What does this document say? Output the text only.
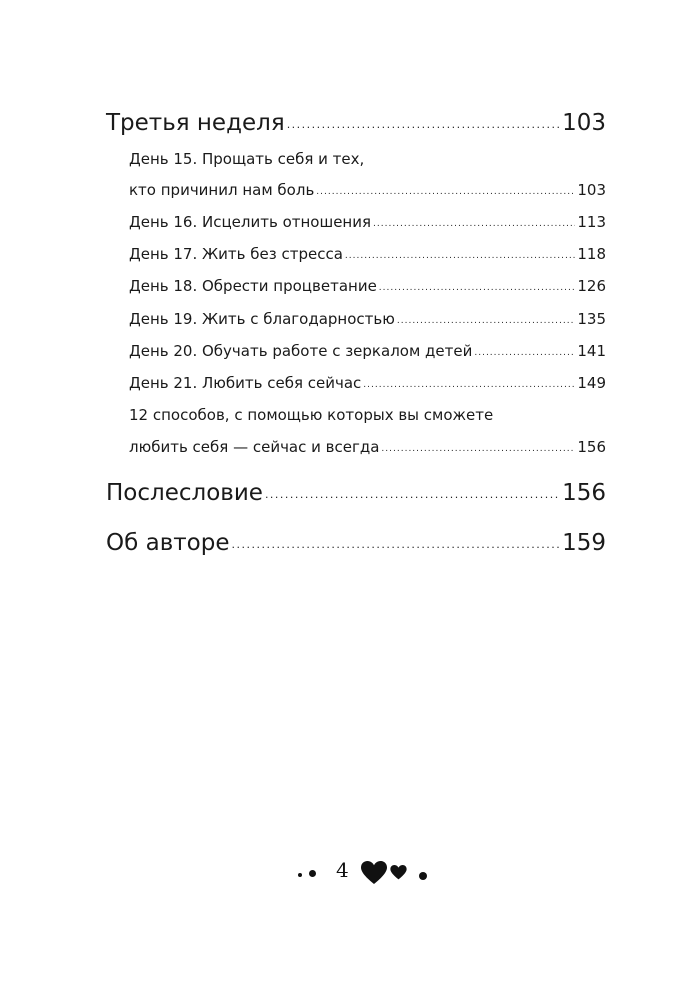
Третья неделя .....	103
День 15. Прощать себя и тех,
кто причинил нам боль .....	103
День 16. Исцелить отношения .....	113
День 17. Жить без стресса .....	118
День 18. Обрести процветание .....	126
День 19. Жить с благодарностью .....	135
День 20. Обучать работе с зеркалом детей .....	141
День 21. Любить себя сейчас .....	149
12 способов, с помощью которых вы сможете
любить себя — сейчас и всегда .....	156
Послесловие .....	156
Об авторе .....	159
4
